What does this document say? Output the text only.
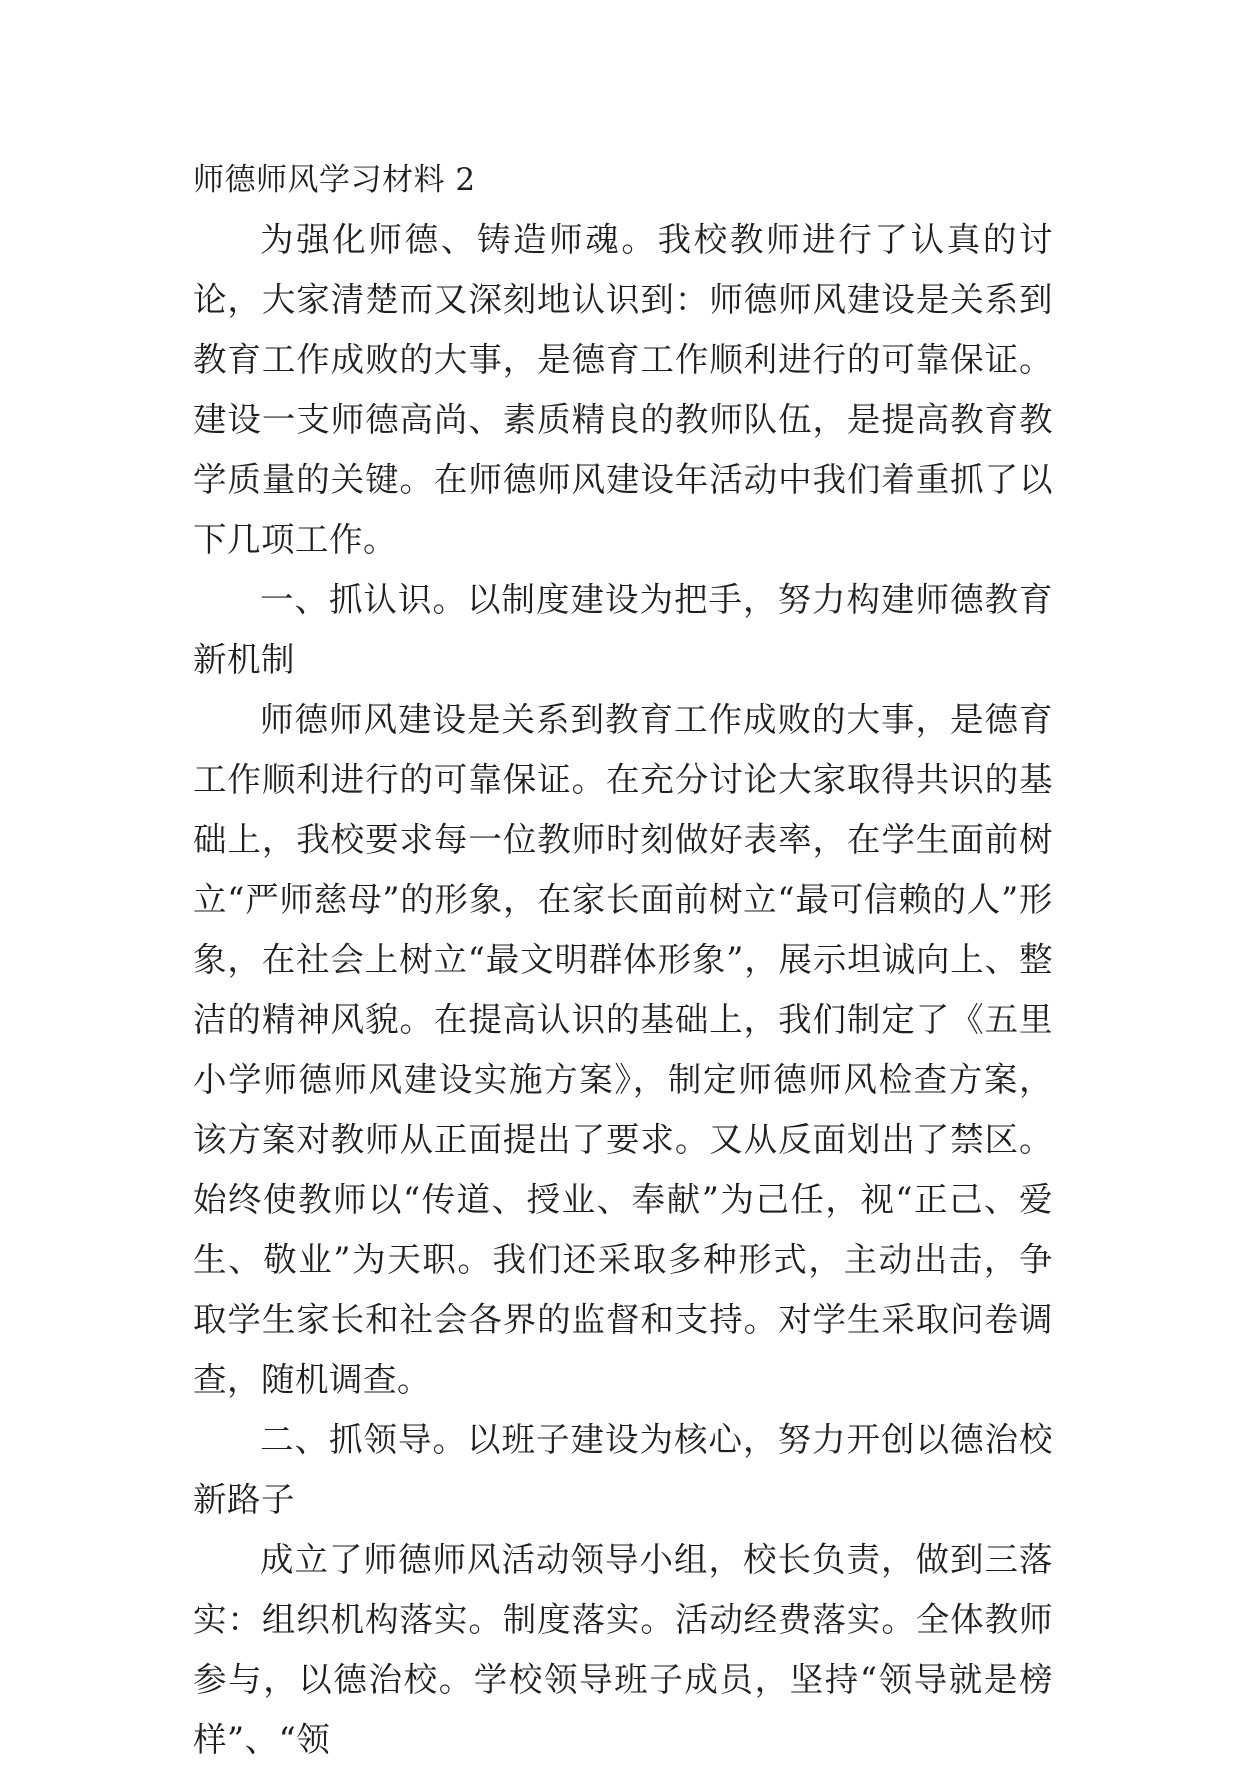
师德师风学习材料 2

为强化师德、铸造师魂。我校教师进行了认真的讨论，大家清楚而又深刻地认识到：师德师风建设是关系到教育工作成败的大事，是德育工作顺利进行的可靠保证。建设一支师德高尚、素质精良的教师队伍，是提高教育教学质量的关键。在师德师风建设年活动中我们着重抓了以下几项工作。

一、抓认识。以制度建设为把手，努力构建师德教育新机制

师德师风建设是关系到教育工作成败的大事，是德育工作顺利进行的可靠保证。在充分讨论大家取得共识的基础上，我校要求每一位教师时刻做好表率，在学生面前树立“严师慈母”的形象，在家长面前树立“最可信赖的人”形象，在社会上树立“最文明群体形象”，展示坦诚向上、整洁的精神风貌。在提高认识的基础上，我们制定了《五里小学师德师风建设实施方案》，制定师德师风检查方案，该方案对教师从正面提出了要求。又从反面划出了禁区。始终使教师以“传道、授业、奉献”为己任，视“正己、爱生、敬业”为天职。我们还采取多种形式，主动出击，争取学生家长和社会各界的监督和支持。对学生采取问卷调查，随机调查。

二、抓领导。以班子建设为核心，努力开创以德治校新路子

成立了师德师风活动领导小组，校长负责，做到三落实：组织机构落实。制度落实。活动经费落实。全体教师参与，以德治校。学校领导班子成员，坚持“领导就是榜样”、“领
